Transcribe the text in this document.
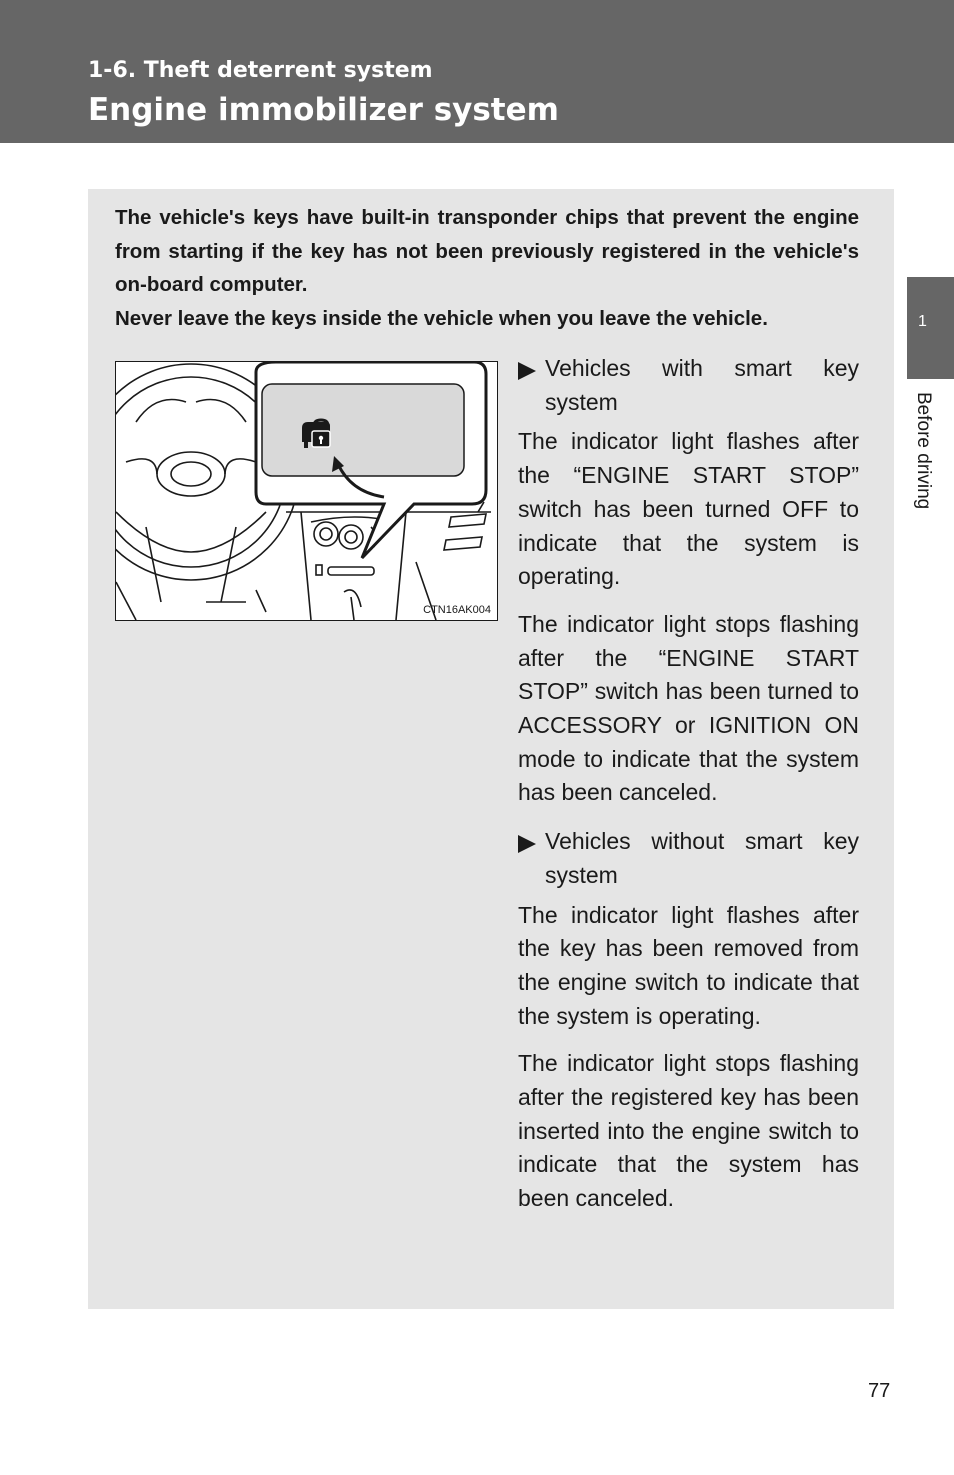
1-6. Theft deterrent system
Engine immobilizer system
1
Before driving

The vehicle's keys have built-in transponder chips that prevent the engine from starting if the key has not been previously registered in the vehicle's on-board computer.

Never leave the keys inside the vehicle when you leave the vehicle.

CTN16AK004
Vehicles with smart key system

The indicator light flashes after the “ENGINE START STOP” switch has been turned OFF to indicate that the system is operating.

The indicator light stops flashing after the “ENGINE START STOP” switch has been turned to ACCESSORY or IGNITION ON mode to indicate that the system has been canceled.

Vehicles without smart key system

The indicator light flashes after the key has been removed from the engine switch to indicate that the system is operating.

The indicator light stops flashing after the registered key has been inserted into the engine switch to indicate that the system has been canceled.

77
